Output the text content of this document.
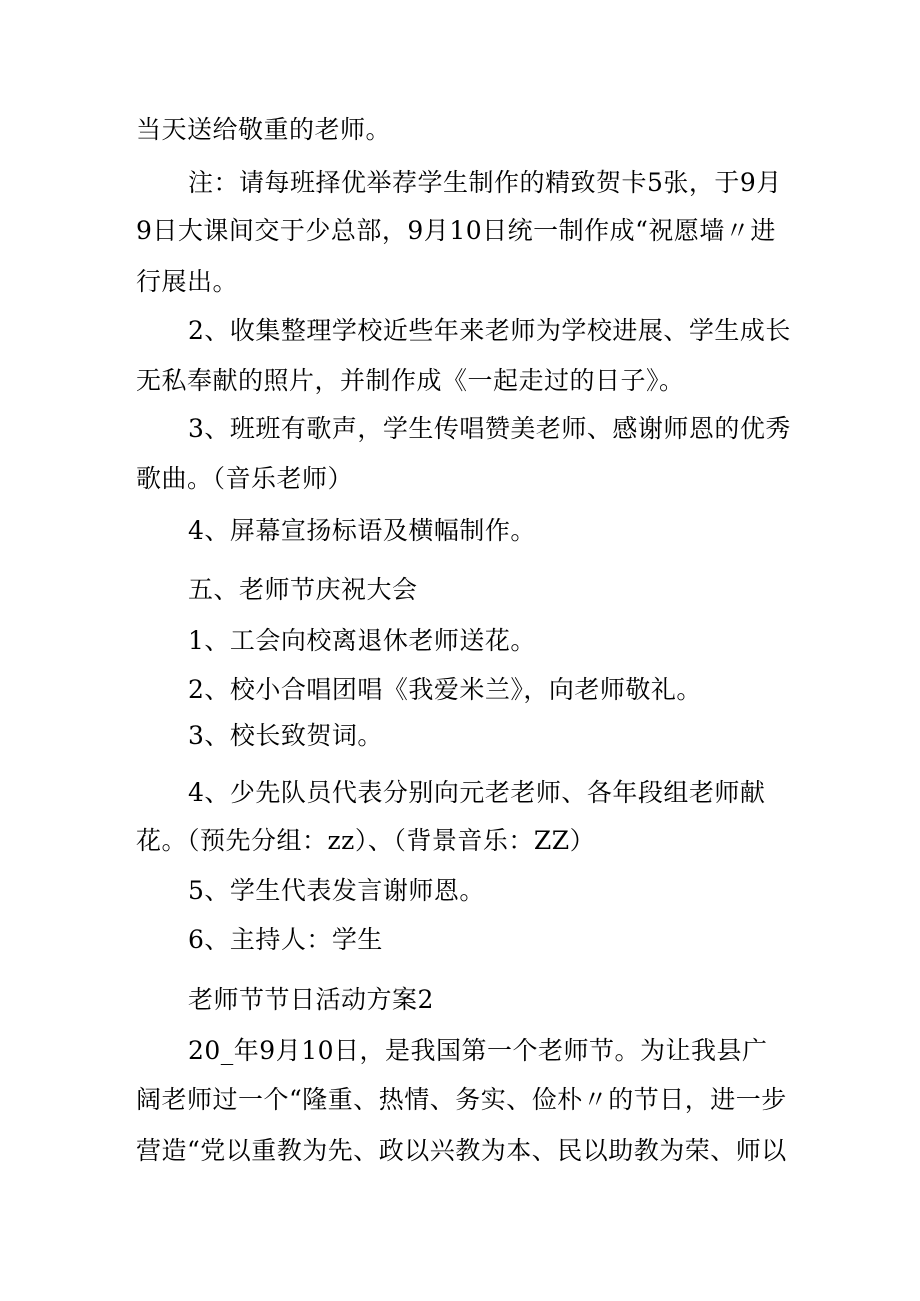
当天送给敬重的老师。
注：请每班择优举荐学生制作的精致贺卡5张，于9月
9日大课间交于少总部，9月10日统一制作成“祝愿墙〃进
行展出。
2、收集整理学校近些年来老师为学校进展、学生成长
无私奉献的照片，并制作成《一起走过的日子》。
3、班班有歌声，学生传唱赞美老师、感谢师恩的优秀
歌曲。（音乐老师）
4、屏幕宣扬标语及横幅制作。
五、老师节庆祝大会
1、工会向校离退休老师送花。
2、校小合唱团唱《我爱米兰》，向老师敬礼。
3、校长致贺词。
4、少先队员代表分别向元老老师、各年段组老师献
花。（预先分组：zz）、（背景音乐：ZZ）
5、学生代表发言谢师恩。
6、主持人：学生
老师节节日活动方案2
20_年9月10日，是我国第一个老师节。为让我县广
阔老师过一个“隆重、热情、务实、俭朴〃的节日，进一步
营造“党以重教为先、政以兴教为本、民以助教为荣、师以
